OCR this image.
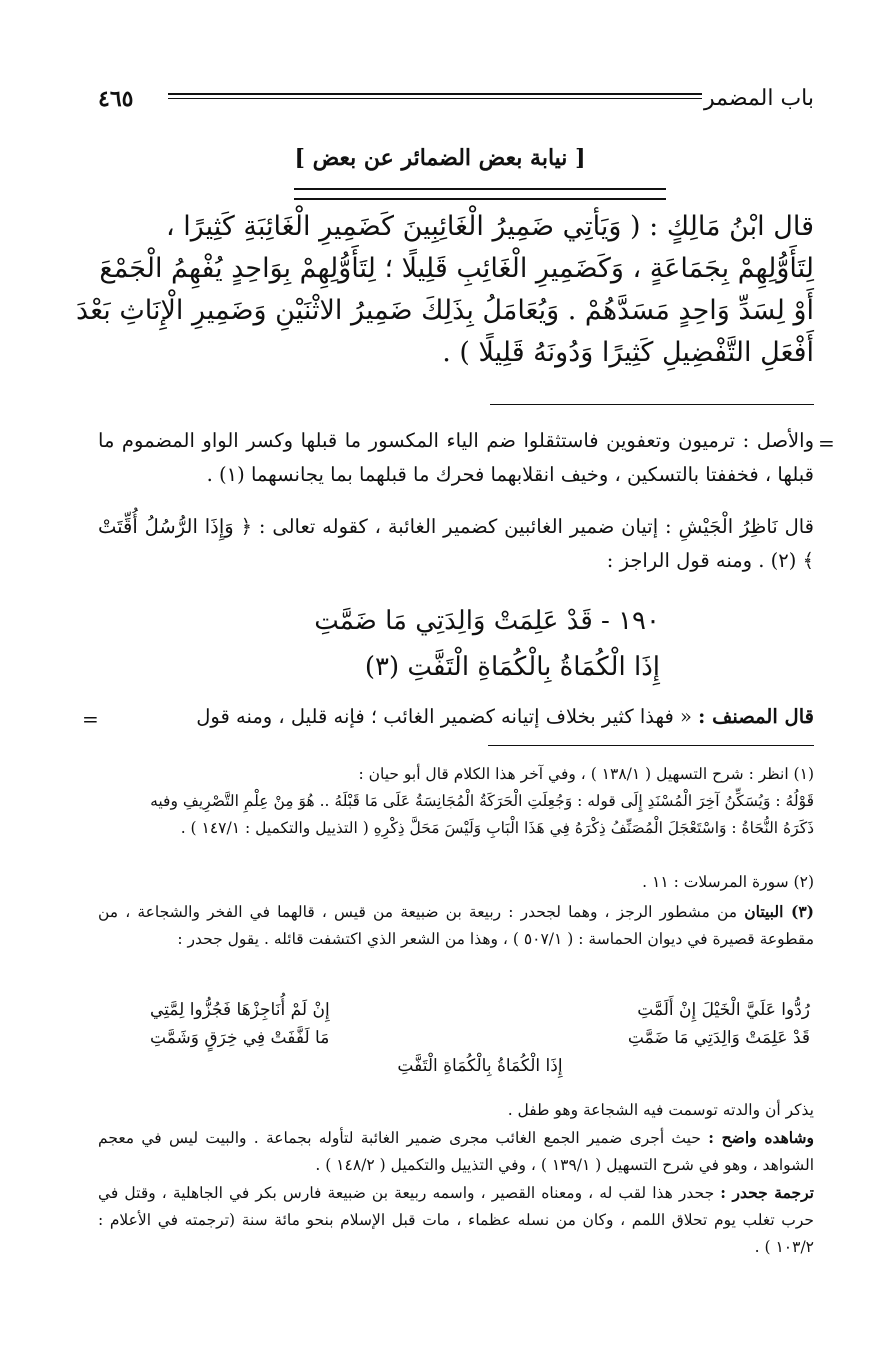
باب المضمر
٤٦٥
[ نيابة بعض الضمائر عن بعض ]
قال ابْنُ مَالِكٍ : ( وَيَأتِي ضَمِيرُ الْغَائِبِينَ كَضَمِيرِ الْغَائِبَةِ كَثِيرًا ،
لِتَأَوُّلِهِمْ بِجَمَاعَةٍ ، وَكَضَمِيرِ الْغَائِبِ قَلِيلًا ؛ لِتَأَوُّلِهِمْ بِوَاحِدٍ يُفْهِمُ الْجَمْعَ
أَوْ لِسَدِّ وَاحِدٍ مَسَدَّهُمْ . وَيُعَامَلُ بِذَلِكَ ضَمِيرُ الاثْنَيْنِ وَضَمِيرِ الْإِنَاثِ بَعْدَ
أَفْعَلِ التَّفْضِيلِ كَثِيرًا وَدُونَهُ قَلِيلًا ) .
=
والأصل : ترميون وتعفوين فاستثقلوا ضم الياء المكسور ما قبلها وكسر الواو المضموم ما قبلها ، فخففتا بالتسكين ، وخيف انقلابهما فحرك ما قبلهما بما يجانسهما (١) .
قال نَاظِرُ الْجَيْشِ : إتيان ضمير الغائبين كضمير الغائبة ، كقوله تعالى : ﴿ وَإِذَا الرُّسُلُ أُقِّتَتْ ﴾ (٢) . ومنه قول الراجز :
١٩٠ - قَدْ عَلِمَتْ وَالِدَتِي مَا ضَمَّتِ
إِذَا الْكُمَاةُ بِالْكُمَاةِ الْتَفَّتِ (٣)
قال المصنف : « فهذا كثير بخلاف إتيانه كضمير الغائب ؛ فإنه قليل ، ومنه قول
=

(١) انظر : شرح التسهيل ( ١٣٨/١ ) ، وفي آخر هذا الكلام قال أبو حيان :

قَوْلُهُ : وَيُسَكِّنُ آخِرَ الْمُسْنَدِ إِلَى قوله : وَجُعِلَتِ الْحَرَكَةُ الْمُجَانِسَةُ عَلَى مَا قَبْلَهُ .. هُوَ مِنْ عِلْمِ التَّصْرِيفِ وفيه

ذَكَرَهُ النُّحَاةُ : وَاسْتَعْجَلَ الْمُصَنِّفُ ذِكْرَهُ فِي هَذَا الْبَابِ وَلَيْسَ مَحَلَّ ذِكْرِهِ ( التذييل والتكميل : ١٤٧/١ ) .

(٢) سورة المرسلات : ١١ .

(٣) البيتان من مشطور الرجز ، وهما لجحدر : ربيعة بن ضبيعة من قيس ، قالهما في الفخر والشجاعة ، من مقطوعة قصيرة في ديوان الحماسة : ( ٥٠٧/١ ) ، وهذا من الشعر الذي اكتشفت قائله . يقول جحدر :

رُدُّوا عَلَيَّ الْخَيْلَ إِنْ أَلَمَّتِ
إِنْ لَمْ أُنَاجِزْهَا فَجُزُّوا لِمَّتِي
قَدْ عَلِمَتْ وَالِدَتِي مَا ضَمَّتِ
مَا لَفَّفَتْ فِي خِرَقٍ وَشَمَّتِ
إِذَا الْكُمَاةُ بِالْكُمَاةِ الْتَفَّتِ

يذكر أن والدته توسمت فيه الشجاعة وهو طفل .

وشاهده واضح : حيث أجرى ضمير الجمع الغائب مجرى ضمير الغائبة لتأوله بجماعة . والبيت ليس في معجم الشواهد ، وهو في شرح التسهيل ( ١٣٩/١ ) ، وفي التذييل والتكميل ( ١٤٨/٢ ) .

ترجمة جحدر : جحدر هذا لقب له ، ومعناه القصير ، واسمه ربيعة بن ضبيعة فارس بكر في الجاهلية ، وقتل في حرب تغلب يوم تحلاق اللمم ، وكان من نسله عظماء ، مات قبل الإسلام بنحو مائة سنة (ترجمته في الأعلام : ١٠٣/٢ ) .
